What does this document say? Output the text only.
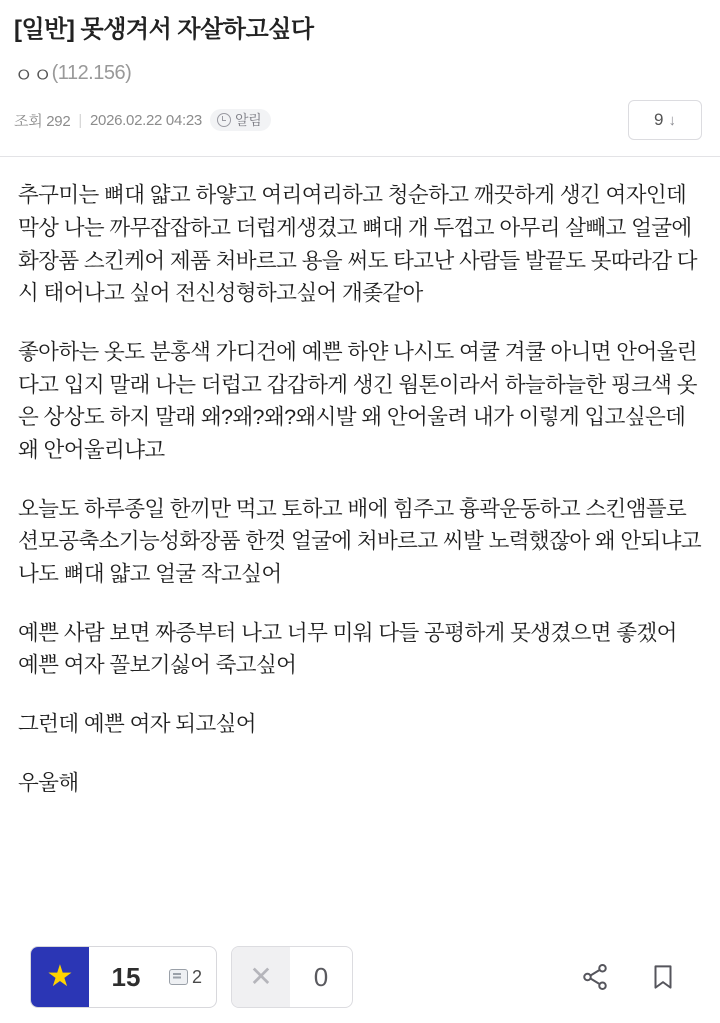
[일반] 못생겨서 자살하고싶다
ㅇㅇ (112.156)
조회 292 | 2026.02.22 04:23 알림	9 ↓

추구미는 뼈대 얇고 하얗고 여리여리하고 청순하고 깨끗하게 생긴 여자인데 막상 나는 까무잡잡하고 더럽게생겼고 뼈대 개 두껍고 아무리 살빼고 얼굴에 화장품 스킨케어 제품 처바르고 용을 써도 타고난 사람들 발끝도 못따라감 다시 태어나고 싶어 전신성형하고싶어 개좆같아

좋아하는 옷도 분홍색 가디건에 예쁜 하얀 나시도 여쿨 겨쿨 아니면 안어울린다고 입지 말래 나는 더럽고 갑갑하게 생긴 웜톤이라서 하늘하늘한 핑크색 옷은 상상도 하지 말래 왜?왜?왜?왜시발 왜 안어울려 내가 이렇게 입고싶은데 왜 안어울리냐고

오늘도 하루종일 한끼만 먹고 토하고 배에 힘주고 흉곽운동하고 스킨앰플로션모공축소기능성화장품 한껏 얼굴에 처바르고 씨발 노력했잖아 왜 안되냐고 나도 뼈대 얇고 얼굴 작고싶어

예쁜 사람 보면 짜증부터 나고 너무 미워 다들 공평하게 못생겼으면 좋겠어 예쁜 여자 꼴보기싫어 죽고싶어

그런데 예쁜 여자 되고싶어

우울해

★	15	2	✕	0
